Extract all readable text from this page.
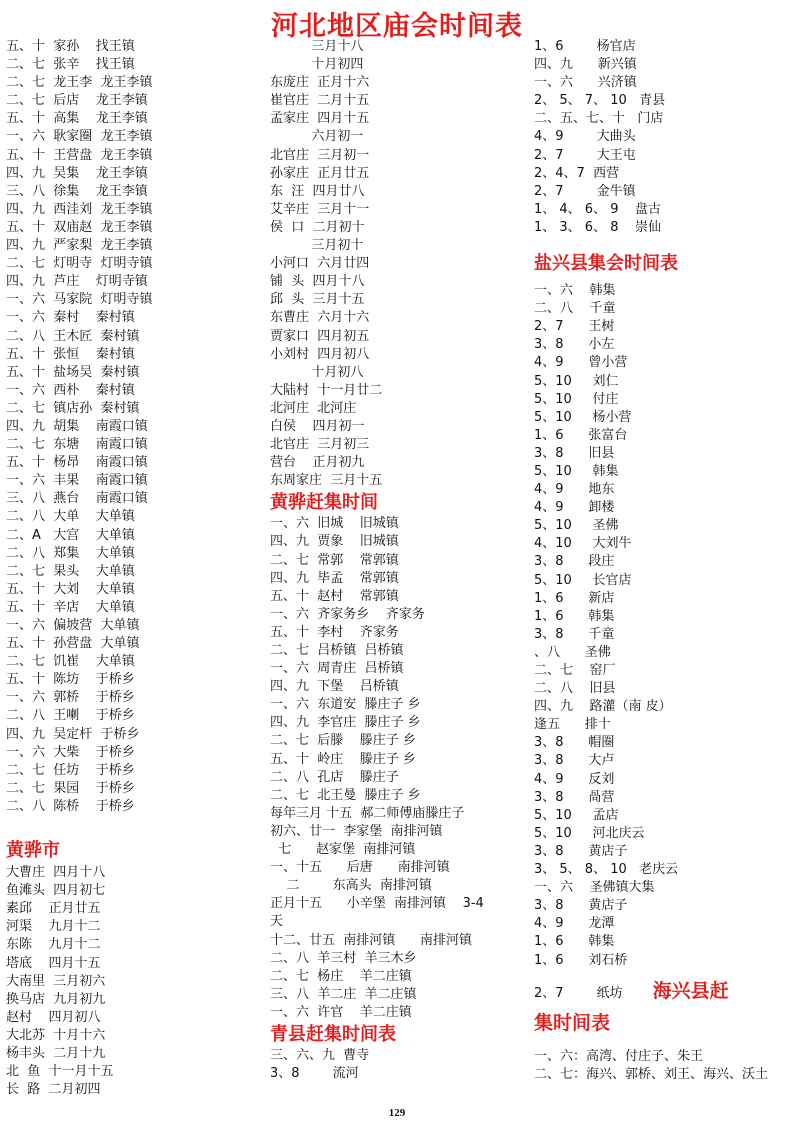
河北地区庙会时间表
五、十  家孙    找王镇
二、七  张辛    找王镇
二、七  龙王李  龙王李镇
二、七  后店    龙王李镇
五、十  高集    龙王李镇
一、六  耿家圈  龙王李镇
五、十  王营盘  龙王李镇
四、九  吴集    龙王李镇
三、八  徐集    龙王李镇
四、九  西洼刘  龙王李镇
五、十  双庙赵  龙王李镇
四、九  严家梨  龙王李镇
二、七  灯明寺  灯明寺镇
四、九  芦庄    灯明寺镇
一、六  马家院  灯明寺镇
一、六  秦村    秦村镇
二、八  王木匠  秦村镇
五、十  张恒    秦村镇
五、十  盐场吴  秦村镇
一、六  西朴    秦村镇
二、七  镇店孙  秦村镇
四、九  胡集    南霞口镇
二、七  东塘    南霞口镇
五、十  杨昂    南霞口镇
一、六  丰果    南霞口镇
三、八  燕台    南霞口镇
二、八  大单    大单镇
二、A   大宫    大单镇
二、八  郑集    大单镇
二、七  果头    大单镇
五、十  大刘    大单镇
五、十  辛店    大单镇
一、六  偏坡营  大单镇
五、十  孙营盘  大单镇
二、七  饥崔    大单镇
五、十  陈坊    于桥乡
一、六  郭桥    于桥乡
二、八  王喇    于桥乡
四、九  吴定杆  于桥乡
一、六  大柴    于桥乡
二、七  任坊    于桥乡
二、七  果园    于桥乡
二、八  陈桥    于桥乡
黄骅市
大曹庄  四月十八
鱼滩头  四月初七
素邱    正月廿五
河渠    九月十二
东陈    九月十二
塔底    四月十五
大南里  三月初六
换马店  九月初九
赵村    四月初八
大北苏  十月十六
杨丰头  二月十九
北  鱼  十一月十五
长  路  二月初四
三月十八
十月初四
东庞庄  正月十六
崔官庄  二月十五
孟家庄  四月十五
六月初一
北官庄  三月初一
孙家庄  正月廿五
东  汪  四月廿八
艾辛庄  三月十一
侯  口  二月初十
三月初十
小河口  六月廿四
铺  头  四月十八
邱  头  三月十五
东曹庄  六月十六
贾家口  四月初五
小刘村  四月初八
十月初八
大陆村  十一月廿二
北河庄  北河庄
白侯    四月初一
北官庄  三月初三
营台    正月初九
东周家庄  三月十五
黄骅赶集时间
一、六  旧城    旧城镇
四、九  贾象    旧城镇
二、七  常郭    常郭镇
四、九  毕孟    常郭镇
五、十  赵村    常郭镇
一、六  齐家务乡    齐家务
五、十  李村    齐家务
二、七  吕桥镇  吕桥镇
一、六  周青庄  吕桥镇
四、九  下堡    吕桥镇
一、六  东道安  滕庄子 乡
四、九  李官庄  滕庄子 乡
二、七  后滕    滕庄子 乡
五、十  岭庄    滕庄子 乡
二、八  孔店    滕庄子
二、七  北王曼  滕庄子 乡
每年三月 十五  郝二师傅庙滕庄子
初六、廿一  李家堡  南排河镇
七      赵家堡  南排河镇
一、十五      后唐      南排河镇
二        东高头  南排河镇
正月十五      小辛堡  南排河镇    3-4
天
十二、廿五  南排河镇      南排河镇
二、八  羊三村  羊三木乡
二、七  杨庄    羊二庄镇
三、八  羊二庄  羊二庄镇
一、六  许官    羊二庄镇
青县赶集时间表
三、六、九  曹寺
3、8        流河
1、6        杨官店
四、九      新兴镇
一、六      兴济镇
2、 5、 7、 10   青县
二、五、七、十   门店
4、9        大曲头
2、7        大王屯
2、4、7  西营
2、7        金牛镇
1、 4、 6、 9    盘古
1、 3、 6、 8    崇仙
盐兴县集会时间表
一、六    韩集
二、八    千童
2、7      王树
3、8      小左
4、9      曾小营
5、10     刘仁
5、10     付庄
5、10     杨小营
1、6      张富台
3、8      旧县
5、10     韩集
4、9      地东
4、9      卸楼
5、10     圣佛
4、10     大刘牛
3、8      段庄
5、10     长官店
1、6      新店
1、6      韩集
3、8      千童
、八      圣佛
二、七    窑厂
二、八    旧县
四、九    路灌（南 皮）
逢五      排十
3、8      帽圈
3、8      大卢
4、9      反刘
3、8      咼营
5、10     孟店
5、10     河北庆云
3、8      黄店子
3、 5、 8、 10   老庆云
一、六    圣佛镇大集
3、8      黄店子
4、9      龙潭
1、6      韩集
1、6      刘石桥
2、7        纸坊 海兴县赶
集时间表
一、六：高湾、付庄子、朱王
二、七：海兴、郭桥、刘王、海兴、沃土
129
